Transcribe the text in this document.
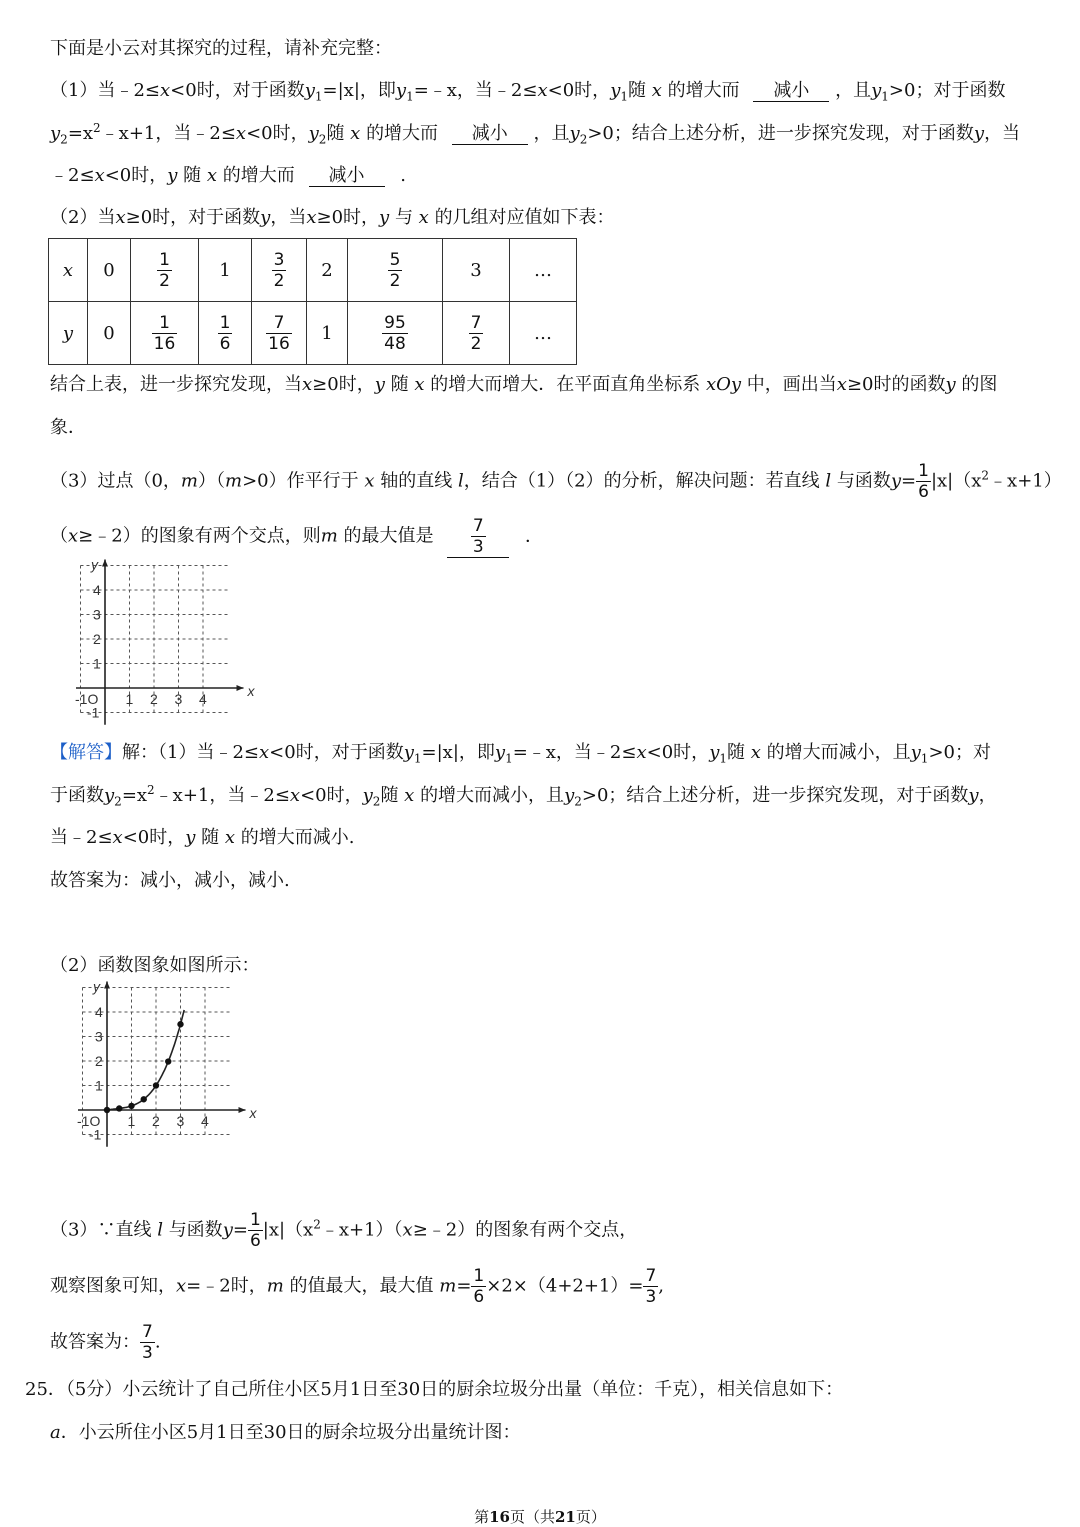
下面是小云对其探究的过程，请补充完整：
（1）当﹣2≤x<0时，对于函数$y_1=|x|$，即$y_1=﹣x$，当﹣2≤x<0时，$y_1$随 x 的增大而 减小 ，且$y_1>0$；对于函数
$y_2=x^2﹣x+1$，当﹣2≤x<0时，$y_2$随 x 的增大而 减小 ，且$y_2>0$；结合上述分析，进一步探究发现，对于函数y，当
﹣2≤x<0时，y 随 x 的增大而 减小 .
（2）当x≥0时，对于函数y，当x≥0时，y 与 x 的几组对应值如下表：
x	0	$\frac{1}{2}$	1	$\frac{3}{2}$	2	$\frac{5}{2}$	3	…
y	0	$\frac{1}{16}$	$\frac{1}{6}$	$\frac{7}{16}$	1	$\frac{95}{48}$	$\frac{7}{2}$	…
结合上表，进一步探究发现，当x≥0时，y 随 x 的增大而增大．在平面直角坐标系 xOy 中，画出当x≥0时的函数y 的图
象．
（3）过点（0，m）（m>0）作平行于 x 轴的直线 l，结合（1）（2）的分析，解决问题：若直线 l 与函数$y= \frac{1}{6}$ $|x|(x^2﹣x+1)$
（x≥﹣2）的图象有两个交点，则m 的最大值是 $\frac{7}{3}$ ．
y
x
4
3
2
1
-1
1 2 3 4
-1O
【解答】解：（1）当﹣2≤x<0时，对于函数$y_1=|x|$，即$y_1=﹣x$，当﹣2≤x<0时，$y_1$随 x 的增大而减小，且$y_1>0$；对
于函数$y_2=x^2﹣x+1$，当﹣2≤x<0时，$y_2$随 x 的增大而减小，且$y_2>0$；结合上述分析，进一步探究发现，对于函数y，
当﹣2≤x<0时，y 随 x 的增大而减小.
故答案为：减小，减小，减小.
（2）函数图象如图所示：
y
x
4
3
2
1
-1
1 2 3 4
-1O
（3）∵直线 l 与函数$y= \frac{1}{6}$ $|x|(x^2﹣x+1)(x\ge﹣2)$的图象有两个交点，
观察图象可知，x=﹣2时，m 的值最大，最大值 $m= \frac{1}{6} \times 2\times(4+2+1)= \frac{7}{3}$ ,
故答案为： $\frac{7}{3}$ .
25．（5分）小云统计了自己所住小区5月1日至30日的厨余垃圾分出量（单位：千克），相关信息如下：
a．小云所住小区5月1日至30日的厨余垃圾分出量统计图：
第16页（共21页）
